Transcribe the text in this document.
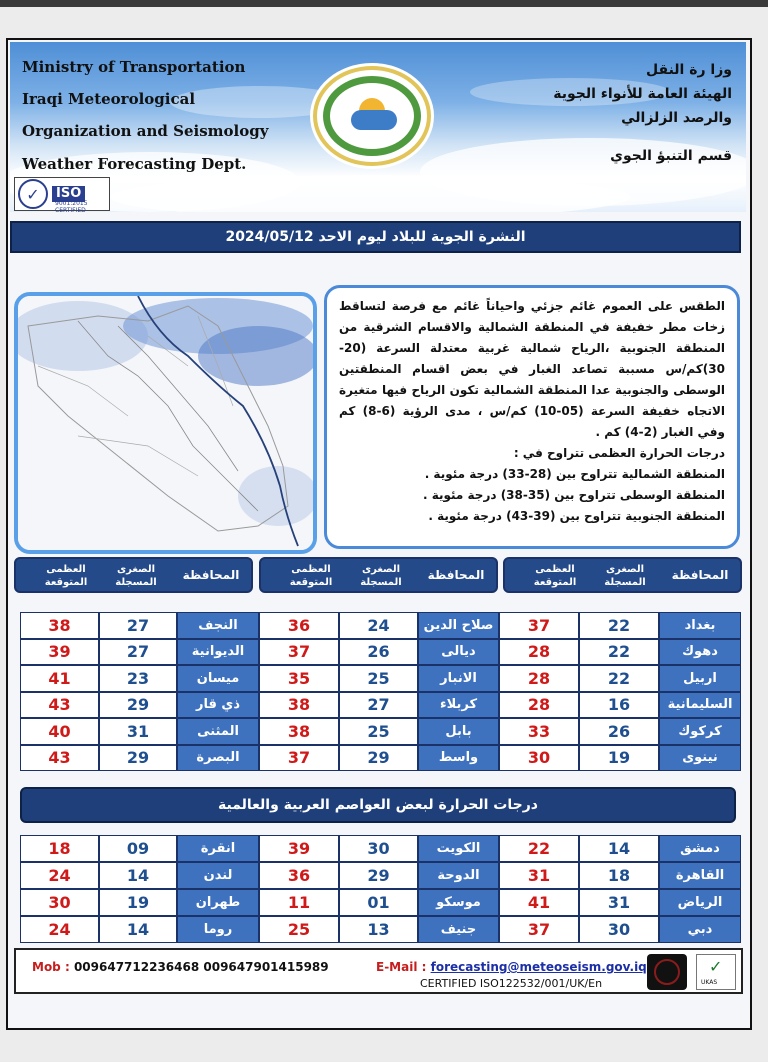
Ministry of Transportation
Iraqi Meteorological
Organization and Seismology
Weather Forecasting Dept.
وزا رة النقل
الهيئة العامة للأنواء الجوية
والرصد الزلزالي
قسم التنبؤ الجوي
✓	ISO
9001:2015 CERTIFIED
النشرة الجوية للبلاد ليوم الاحد 2024/05/12

الطقس على العموم غائم جزئي واحياناً غائم مع فرصة لتساقط زخات مطر خفيفة في المنطقة الشمالية والاقسام الشرقية من المنطقة الجنوبية ،الرياح شمالية غربية معتدلة السرعة (20-30)كم/س مسببة تصاعد الغبار في بعض اقسام المنطقتين الوسطى والجنوبية عدا المنطقة الشمالية تكون الرياح فيها متغيرة الاتجاه خفيفة السرعة (05-10) كم/س ، مدى الرؤية (6-8) كم وفي الغبار (2-4) كم .

درجات الحرارة العظمى تتراوح في :

المنطقة الشمالية تتراوح بين (28-33) درجة مئوية .

المنطقة الوسطى تتراوح بين (35-38) درجة مئوية .

المنطقة الجنوبية تتراوح بين (39-43) درجة مئوية .

العظمى
المتوقعة
الصغرى
المسجلة
المحافظة	العظمى
المتوقعة
الصغرى
المسجلة
المحافظة	العظمى
المتوقعة
الصغرى
المسجلة
المحافظة
38	27	النجف	36	24	صلاح الدين	37	22	بغداد
39	27	الديوانية	37	26	ديالى	28	22	دهوك
41	23	ميسان	35	25	الانبار	28	22	اربيل
43	29	ذي قار	38	27	كربلاء	28	16	السليمانية
40	31	المثنى	38	25	بابل	33	26	كركوك
43	29	البصرة	37	29	واسط	30	19	نينوى
درجات الحرارة لبعض العواصم العربية والعالمية
18	09	انقرة	39	30	الكويت	22	14	دمشق
24	14	لندن	36	29	الدوحة	31	18	القاهرة
30	19	طهران	11	01	موسكو	41	31	الرياض
24	14	روما	25	13	جنيف	37	30	دبي
Mob : 009647712236468 009647901415989	E-Mail : forecasting@meteoseism.gov.iq
CERTIFIED ISO122532/001/UK/En
✓
UKAS
